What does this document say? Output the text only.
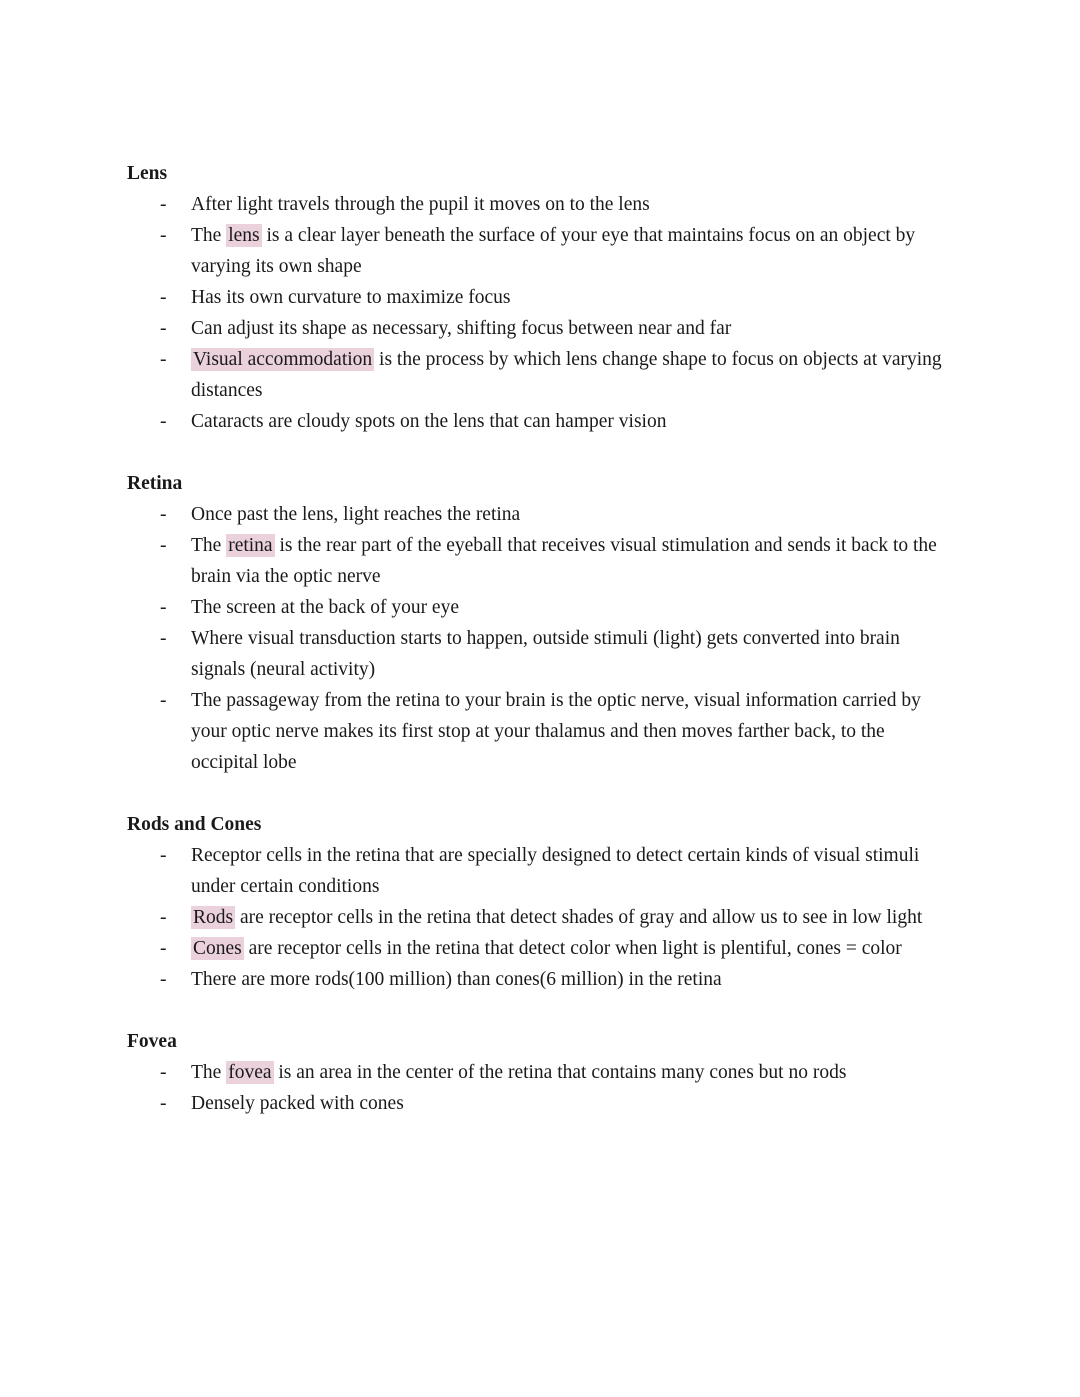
Lens
- After light travels through the pupil it moves on to the lens
- The lens is a clear layer beneath the surface of your eye that maintains focus on an object by varying its own shape
- Has its own curvature to maximize focus
- Can adjust its shape as necessary, shifting focus between near and far
- Visual accommodation is the process by which lens change shape to focus on objects at varying distances
- Cataracts are cloudy spots on the lens that can hamper vision
Retina
- Once past the lens, light reaches the retina
- The retina is the rear part of the eyeball that receives visual stimulation and sends it back to the brain via the optic nerve
- The screen at the back of your eye
- Where visual transduction starts to happen, outside stimuli (light) gets converted into brain signals (neural activity)
- The passageway from the retina to your brain is the optic nerve, visual information carried by your optic nerve makes its first stop at your thalamus and then moves farther back, to the occipital lobe
Rods and Cones
- Receptor cells in the retina that are specially designed to detect certain kinds of visual stimuli under certain conditions
- Rods are receptor cells in the retina that detect shades of gray and allow us to see in low light
- Cones are receptor cells in the retina that detect color when light is plentiful, cones = color
- There are more rods(100 million) than cones(6 million) in the retina
Fovea
- The fovea is an area in the center of the retina that contains many cones but no rods
- Densely packed with cones
